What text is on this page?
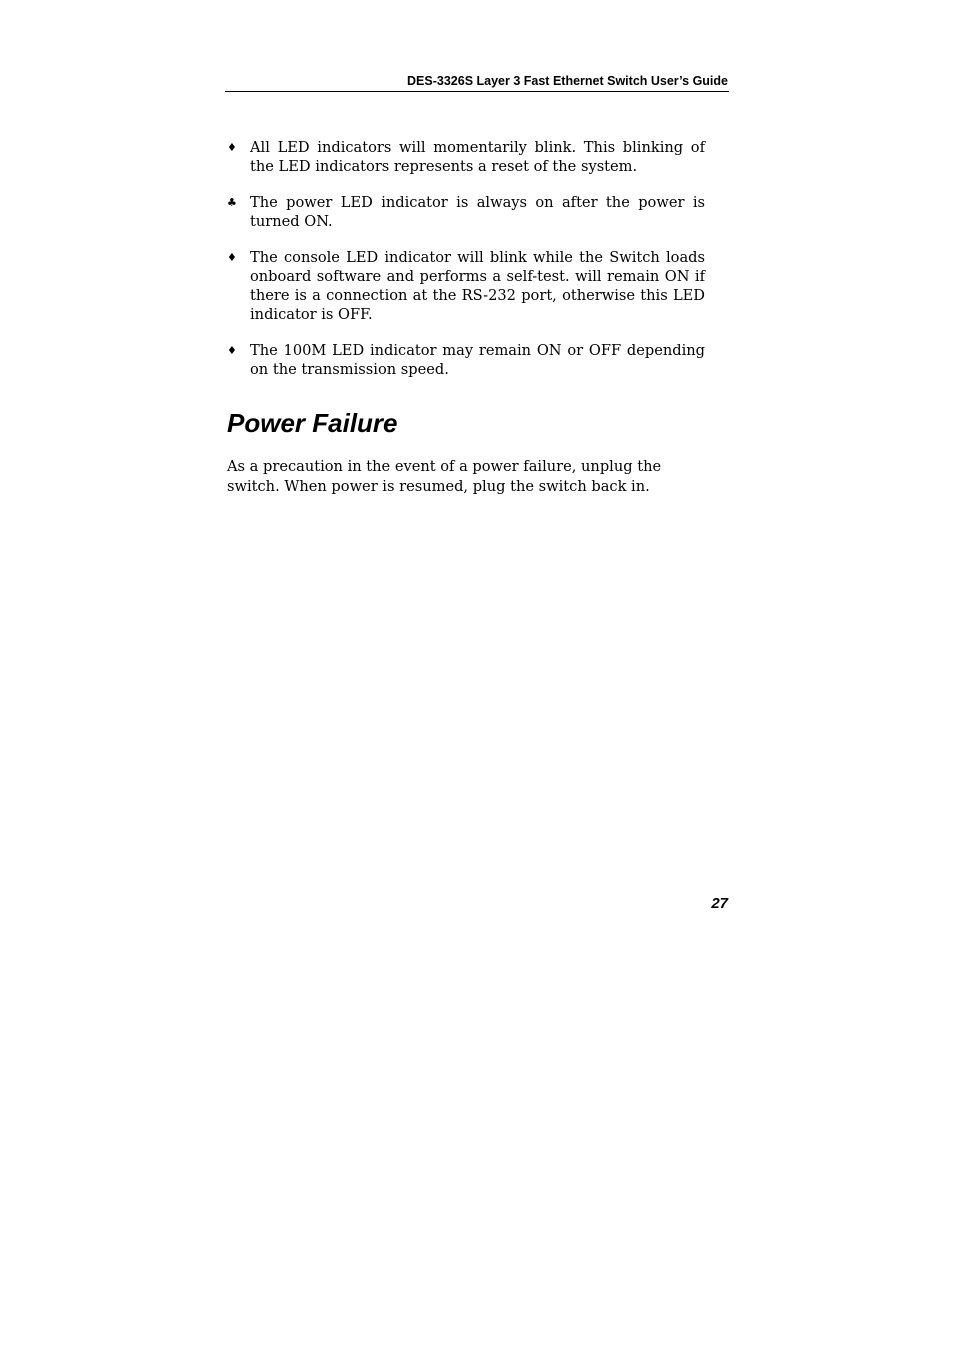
DES-3326S Layer 3 Fast Ethernet Switch User’s Guide
♦ All LED indicators will momentarily blink. This blinking of the LED indicators represents a reset of the system.
♣ The power LED indicator is always on after the power is turned ON.
♦ The console LED indicator will blink while the Switch loads onboard software and performs a self-test. will remain ON if there is a connection at the RS-232 port, otherwise this LED indicator is OFF.
♦ The 100M LED indicator may remain ON or OFF depending on the transmission speed.
Power Failure

As a precaution in the event of a power failure, unplug the
switch. When power is resumed, plug the switch back in.

27
